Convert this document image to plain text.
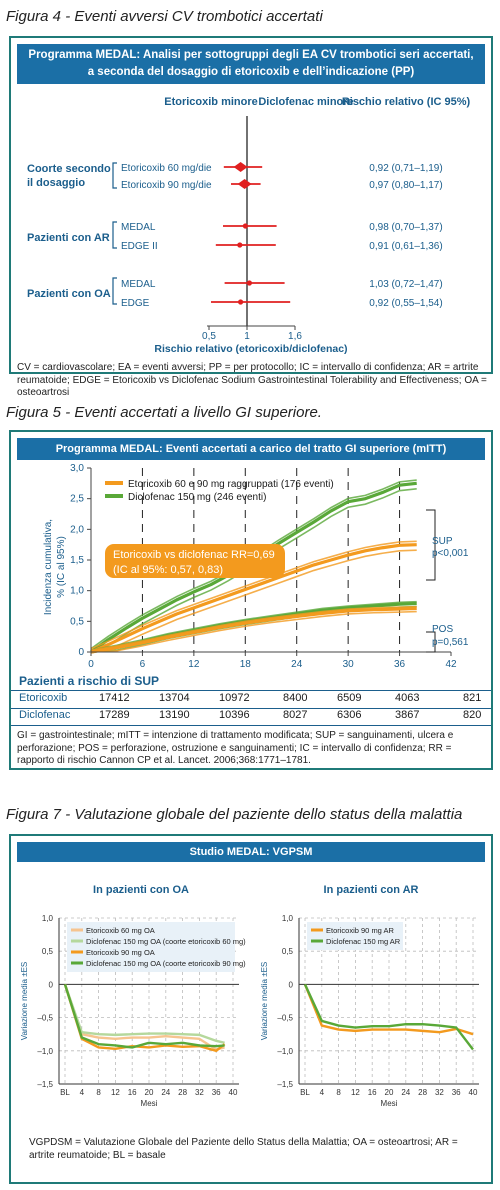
Figura 4 - Eventi avversi CV trombotici accertati
Programma MEDAL: Analisi per sottogruppi degli EA CV trombotici seri accertati,
a seconda del dosaggio di etoricoxib e dell’indicazione (PP)
Etoricoxib minore Diclofenac minore
Rischio relativo (IC 95%)
Coorte secondo
il dosaggio
Pazienti con AR
Pazienti con OA
Etoricoxib 60 mg/die	0,92 (0,71–1,19)
Etoricoxib 90 mg/die	0,97 (0,80–1,17)
MEDAL	0,98 (0,70–1,37)
EDGE II	0,91 (0,61–1,36)
MEDAL	1,03 (0,72–1,47)
EDGE	0,92 (0,55–1,54)
0,5	1	1,6
Rischio relativo (etoricoxib/diclofenac)
CV = cardiovascolare; EA = eventi avversi; PP = per protocollo; IC = intervallo di confidenza; AR = artrite reumatoide; EDGE = Etoricoxib vs Diclofenac Sodium Gastrointestinal Tolerability and Effectiveness; OA = osteoartrosi
Figura 5 - Eventi accertati a livello GI superiore.
Programma MEDAL: Eventi accertati a carico del tratto GI superiore (mITT)
0	6	12	18	24	30	36	42
0
0,5
1,0
1,5
2,0
2,5
3,0
Etoricoxib 60 e 90 mg raggruppati (176 eventi)
Diclofenac 150 mg (246 eventi)
Etoricoxib vs diclofenac RR=0,69
(IC al 95%: 0,57, 0,83)
Incidenza cumulativa, % (IC al 95%)	SUP
p<0,001
POS
p=0,561
Pazienti a rischio di SUP
Etoricoxib	17412	13704	10972	8400	6509	4063	821
Diclofenac	17289	13190	10396	8027	6306	3867	820
GI = gastrointestinale; mITT = intenzione di trattamento modificata; SUP = sanguinamenti, ulcera e perforazione; POS = perforazione, ostruzione e sanguinamenti; IC = intervallo di confidenza; RR = rapporto di rischio Cannon CP et al. Lancet. 2006;368:1771–1781.
Figura 7 - Valutazione globale del paziente dello status della malattia
Studio MEDAL: VGPSM
In pazienti con OA	In pazienti con AR
1,0
0,5
0
–0,5
–1,0
–1,5
BL 4 8 12 16 20 24 28 32 36 40
Mesi
Variazione media ±ES
Etoricoxib 60 mg OA
Diclofenac 150 mg OA (coorte etoricoxib 60 mg)
Etoricoxib 90 mg OA
Diclofenac 150 mg OA (coorte etoricoxib 90 mg)
1,0
0,5
0
–0,5
–1,0
–1,5
BL 4 8 12 16 20 24 28 32 36 40
Mesi
Variazione media ±ES
Etoricoxib 90 mg AR
Diclofenac 150 mg AR
VGPDSM = Valutazione Globale del Paziente dello Status della Malattia; OA = osteoartrosi; AR = artrite reumatoide; BL = basale
